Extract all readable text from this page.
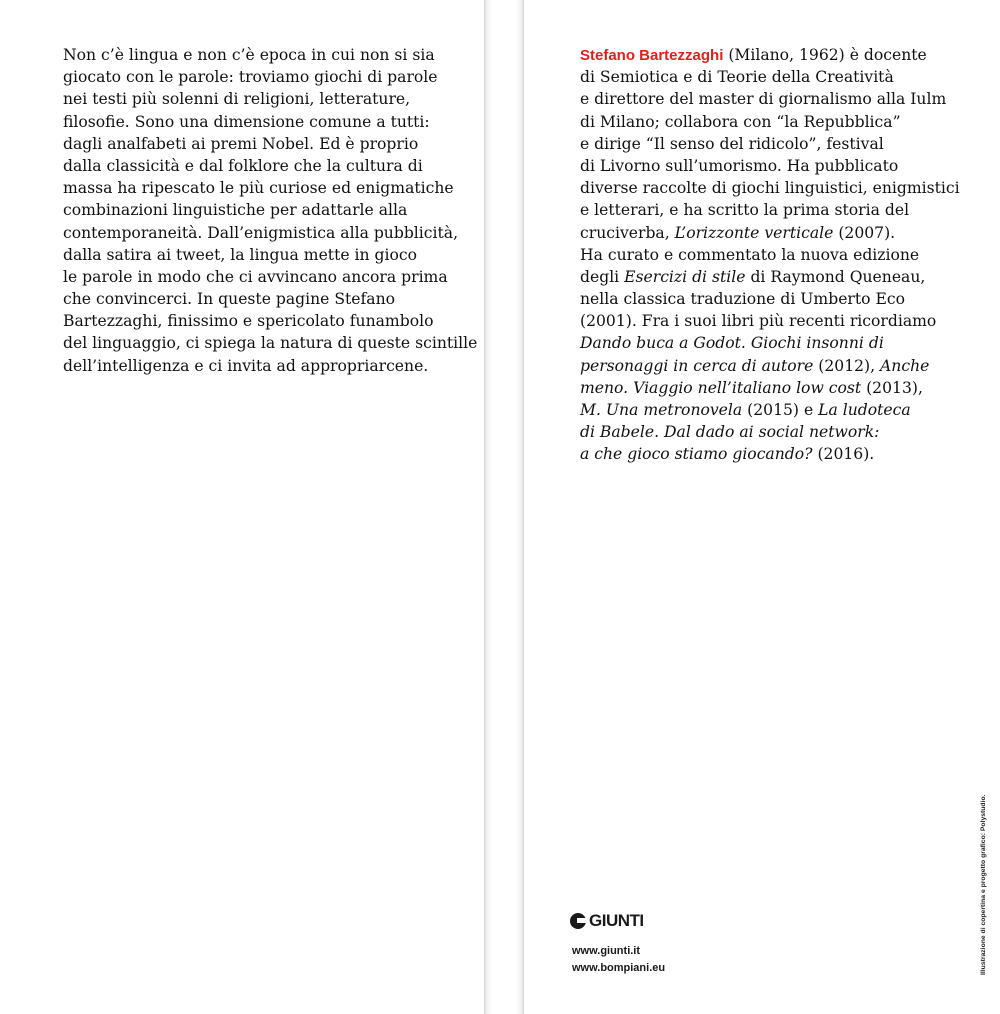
Non c’è lingua e non c’è epoca in cui non si sia
giocato con le parole: troviamo giochi di parole
nei testi più solenni di religioni, letterature,
filosofie. Sono una dimensione comune a tutti:
dagli analfabeti ai premi Nobel. Ed è proprio
dalla classicità e dal folklore che la cultura di
massa ha ripescato le più curiose ed enigmatiche
combinazioni linguistiche per adattarle alla
contemporaneità. Dall’enigmistica alla pubblicità,
dalla satira ai tweet, la lingua mette in gioco
le parole in modo che ci avvincano ancora prima
che convincerci. In queste pagine Stefano
Bartezzaghi, finissimo e spericolato funambolo
del linguaggio, ci spiega la natura di queste scintille
dell’intelligenza e ci invita ad appropriarcene.
Stefano Bartezzaghi (Milano, 1962) è docente
di Semiotica e di Teorie della Creatività
e direttore del master di giornalismo alla Iulm
di Milano; collabora con “la Repubblica”
e dirige “Il senso del ridicolo”, festival
di Livorno sull’umorismo. Ha pubblicato
diverse raccolte di giochi linguistici, enigmistici
e letterari, e ha scritto la prima storia del
cruciverba, L’orizzonte verticale (2007).
Ha curato e commentato la nuova edizione
degli Esercizi di stile di Raymond Queneau,
nella classica traduzione di Umberto Eco
(2001). Fra i suoi libri più recenti ricordiamo
Dando buca a Godot. Giochi insonni di
personaggi in cerca di autore (2012), Anche
meno. Viaggio nell’italiano low cost (2013),
M. Una metronovela (2015) e La ludoteca
di Babele. Dal dado ai social network:
a che gioco stiamo giocando? (2016).
GIUNTI
www.giunti.it
www.bompiani.eu	Illustrazione di copertina e progetto grafico: Polystudio.
